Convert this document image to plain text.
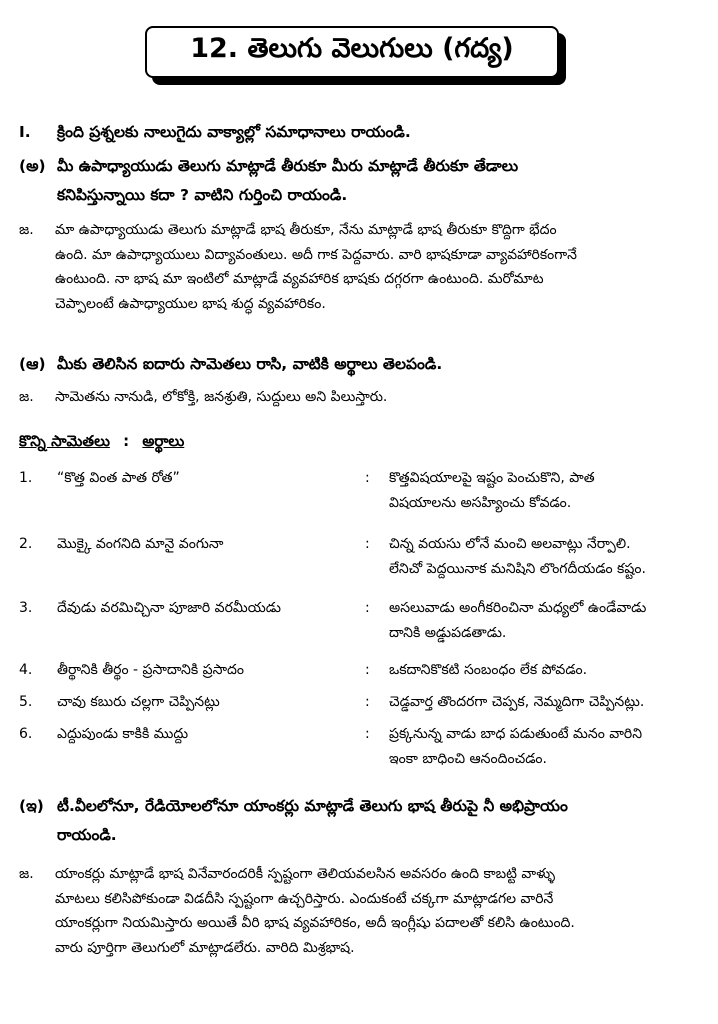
12. తెలుగు వెలుగులు (గద్య)
I. క్రింది ప్రశ్నలకు నాలుగైదు వాక్యాల్లో సమాధానాలు రాయండి.
(అ) మీ ఉపాధ్యాయుడు తెలుగు మాట్లాడే తీరుకూ మీరు మాట్లాడే తీరుకూ తేడాలు
కనిపిస్తున్నాయి కదా ? వాటిని గుర్తించి రాయండి.
జ. మా ఉపాధ్యాయుడు తెలుగు మాట్లాడే భాష తీరుకూ, నేను మాట్లాడే భాష తీరుకూ కొద్దిగా భేదం
ఉంది. మా ఉపాధ్యాయులు విద్యావంతులు. అదీ గాక పెద్దవారు. వారి భాషకూడా వ్యావహారికంగానే
ఉంటుంది. నా భాష మా ఇంటిలో మాట్లాడే వ్యవహారిక భాషకు దగ్గరగా ఉంటుంది. మరోమాట
చెప్పాలంటే ఉపాధ్యాయుల భాష శుద్ధ వ్యవహారికం.
(ఆ) మీకు తెలిసిన ఐదారు సామెతలు రాసి, వాటికి అర్థాలు తెలపండి.
జ. సామెతను నానుడి, లోకోక్తి, జనశ్రుతి, సుద్దులు అని పిలుస్తారు.
కొన్ని సామెతలు : అర్థాలు
1. “కొత్త వింత పాత రోత”	: కొత్తవిషయాలపై ఇష్టం పెంచుకొని, పాత
విషయాలను అసహ్యించు కోవడం.
2. మొక్కై వంగనిది మానై వంగునా	: చిన్న వయసు లోనే మంచి అలవాట్లు నేర్పాలి.
లేనిచో పెద్దయినాక మనిషిని లొంగదీయడం కష్టం.
3. దేవుడు వరమిచ్చినా పూజారి వరమీయడు	: అసలువాడు అంగీకరించినా మధ్యలో ఉండేవాడు
దానికి అడ్డుపడతాడు.
4. తీర్థానికి తీర్థం - ప్రసాదానికి ప్రసాదం	: ఒకదానికొకటి సంబంధం లేక పోవడం.
5. చావు కబురు చల్లగా చెప్పినట్లు	: చెడ్డవార్త తొందరగా చెప్పక, నెమ్మదిగా చెప్పినట్లు.
6. ఎద్దుపుండు కాకికి ముద్దు	: ప్రక్కనున్న వాడు బాధ పడుతుంటే మనం వారిని
ఇంకా బాధించి ఆనందించడం.
(ఇ) టీ.వీలలోనూ, రేడియోలలోనూ యాంకర్లు మాట్లాడే తెలుగు భాష తీరుపై నీ అభిప్రాయం
రాయండి.
జ. యాంకర్లు మాట్లాడే భాష వినేవారందరికీ స్పష్టంగా తెలియవలసిన అవసరం ఉంది కాబట్టి వాళ్ళు
మాటలు కలిసిపోకుండా విడదీసి స్పష్టంగా ఉచ్చరిస్తారు. ఎందుకంటే చక్కగా మాట్లాడగల వారినే
యాంకర్లుగా నియమిస్తారు అయితే వీరి భాష వ్యవహారికం, అదీ ఇంగ్లీషు పదాలతో కలిసి ఉంటుంది.
వారు పూర్తిగా తెలుగులో మాట్లాడలేరు. వారిది మిశ్రభాష.
